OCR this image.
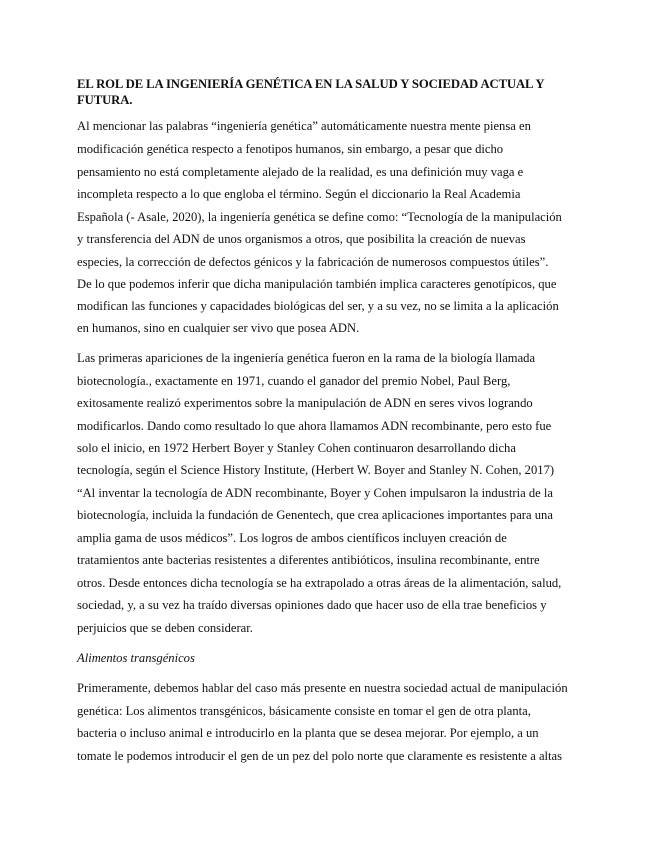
EL ROL DE LA INGENIERÍA GENÉTICA EN LA SALUD Y SOCIEDAD ACTUAL Y FUTURA.
Al mencionar las palabras “ingeniería genética” automáticamente nuestra mente piensa en
modificación genética respecto a fenotipos humanos, sin embargo, a pesar que dicho
pensamiento no está completamente alejado de la realidad, es una definición muy vaga e
incompleta respecto a lo que engloba el término. Según el diccionario la Real Academia
Española (- Asale, 2020), la ingeniería genética se define como: “Tecnología de la manipulación
y transferencia del ADN de unos organismos a otros, que posibilita la creación de nuevas
especies, la corrección de defectos génicos y la fabricación de numerosos compuestos útiles”.
De lo que podemos inferir que dicha manipulación también implica caracteres genotípicos, que
modifican las funciones y capacidades biológicas del ser, y a su vez, no se limita a la aplicación
en humanos, sino en cualquier ser vivo que posea ADN.
Las primeras apariciones de la ingeniería genética fueron en la rama de la biología llamada
biotecnología., exactamente en 1971, cuando el ganador del premio Nobel, Paul Berg,
exitosamente realizó experimentos sobre la manipulación de ADN en seres vivos logrando
modificarlos. Dando como resultado lo que ahora llamamos ADN recombinante, pero esto fue
solo el inicio, en 1972 Herbert Boyer y Stanley Cohen continuaron desarrollando dicha
tecnología, según el Science History Institute, (Herbert W. Boyer and Stanley N. Cohen, 2017)
“Al inventar la tecnología de ADN recombinante, Boyer y Cohen impulsaron la industria de la
biotecnología, incluida la fundación de Genentech, que crea aplicaciones importantes para una
amplia gama de usos médicos”. Los logros de ambos científicos incluyen creación de
tratamientos ante bacterias resistentes a diferentes antibióticos, insulina recombinante, entre
otros. Desde entonces dicha tecnología se ha extrapolado a otras áreas de la alimentación, salud,
sociedad, y, a su vez ha traído diversas opiniones dado que hacer uso de ella trae beneficios y
perjuicios que se deben considerar.
Alimentos transgénicos
Primeramente, debemos hablar del caso más presente en nuestra sociedad actual de manipulación
genética: Los alimentos transgénicos, básicamente consiste en tomar el gen de otra planta,
bacteria o incluso animal e introducirlo en la planta que se desea mejorar. Por ejemplo, a un
tomate le podemos introducir el gen de un pez del polo norte que claramente es resistente a altas
